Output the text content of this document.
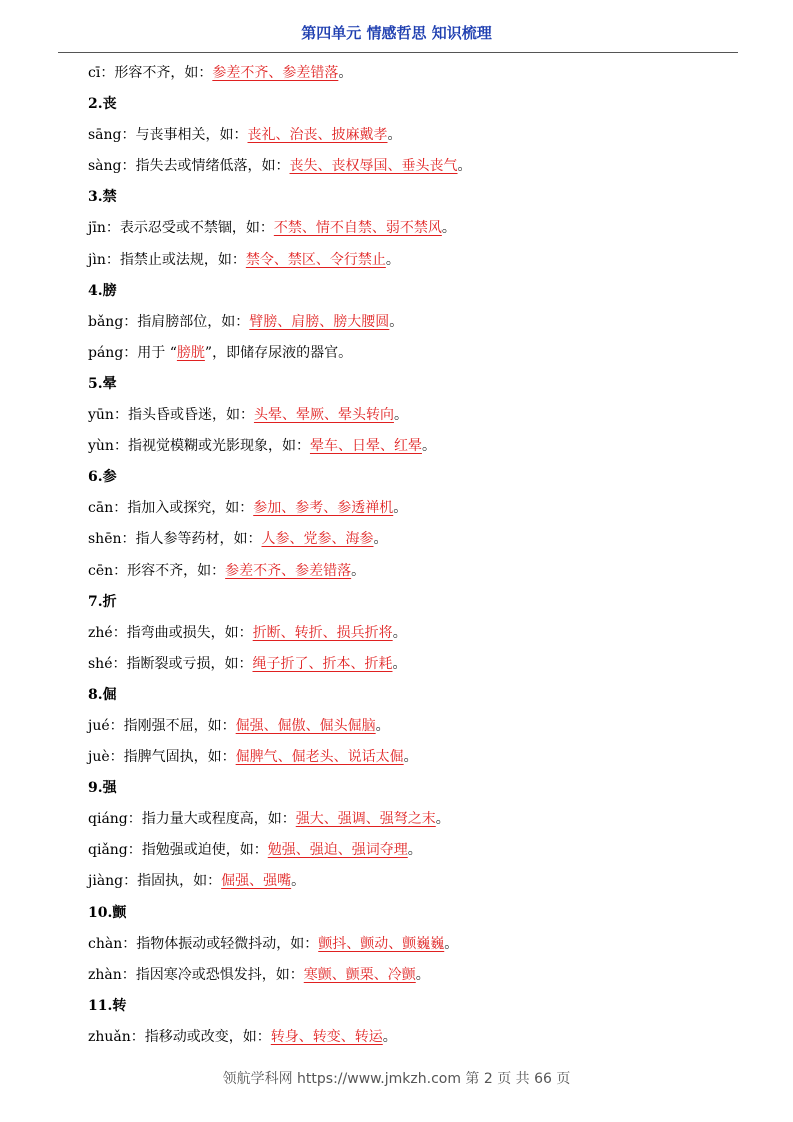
第四单元 情感哲思 知识梳理
cī：形容不齐，如：参差不齐、参差错落。
2.丧
sāng：与丧事相关，如：丧礼、治丧、披麻戴孝。
sàng：指失去或情绪低落，如：丧失、丧权辱国、垂头丧气。
3.禁
jīn：表示忍受或不禁锢，如：不禁、情不自禁、弱不禁风。
jìn：指禁止或法规，如：禁令、禁区、令行禁止。
4.膀
bǎng：指肩膀部位，如：臂膀、肩膀、膀大腰圆。
páng：用于 “膀胱”，即储存尿液的器官。
5.晕
yūn：指头昏或昏迷，如：头晕、晕厥、晕头转向。
yùn：指视觉模糊或光影现象，如：晕车、日晕、红晕。
6.参
cān：指加入或探究，如：参加、参考、参透禅机。
shēn：指人参等药材，如：人参、党参、海参。
cēn：形容不齐，如：参差不齐、参差错落。
7.折
zhé：指弯曲或损失，如：折断、转折、损兵折将。
shé：指断裂或亏损，如：绳子折了、折本、折耗。
8.倔
jué：指刚强不屈，如：倔强、倔傲、倔头倔脑。
juè：指脾气固执，如：倔脾气、倔老头、说话太倔。
9.强
qiáng：指力量大或程度高，如：强大、强调、强弩之末。
qiǎng：指勉强或迫使，如：勉强、强迫、强词夺理。
jiàng：指固执，如：倔强、强嘴。
10.颤
chàn：指物体振动或轻微抖动，如：颤抖、颤动、颤巍巍。
zhàn：指因寒冷或恐惧发抖，如：寒颤、颤栗、冷颤。
11.转
zhuǎn：指移动或改变，如：转身、转变、转运。
领航学科网 https://www.jmkzh.com 第 2 页 共 66 页
